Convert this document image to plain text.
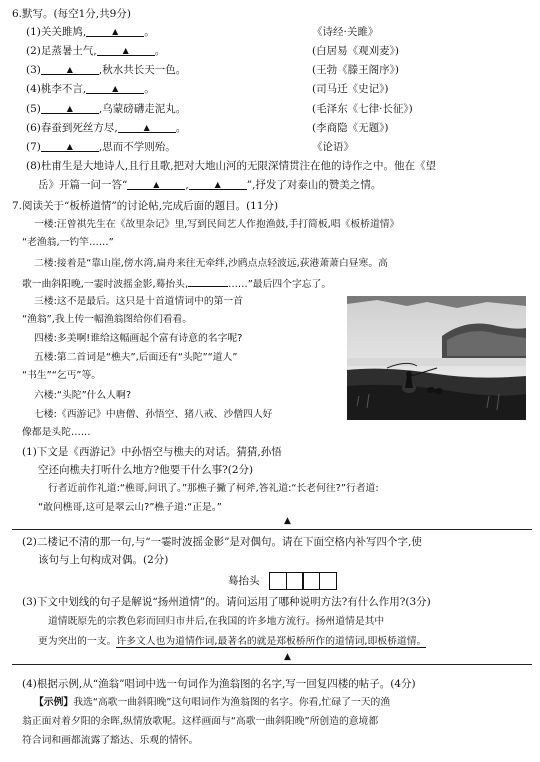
6.默写。(每空1分,共9分)
(1)关关雎鸠,	▲ 。	《诗经·关雎》
(2)足蒸暑土气,	▲ 。	(白居易《观刈麦》)
(3)	▲ ,秋水共长天一色。	(王勃《滕王阁序》)
(4)桃李不言,	▲ 。	(司马迁《史记》)
(5)	▲ ,乌蒙磅礴走泥丸。	(毛泽东《七律·长征》)
(6)春蚕到死丝方尽,	▲ 。	(李商隐《无题》)
(7)	▲ ,思而不学则殆。	《论语》
(8)杜甫生是大地诗人,且行且歌,把对大地山河的无限深情贯注在他的诗作之中。他在《望
岳》开篇一问一答“	▲ ,	▲ ”,抒发了对泰山的赞美之情。
7.阅读关于“板桥道情”的讨论帖,完成后面的题目。(11分)
一楼:汪曾祺先生在《故里杂记》里,写到民间艺人作抱渔鼓,手打简板,唱《板桥道情》
“老渔翁,一钓竿……”
二楼:接着是“靠山崖,傍水湾,扁舟来往无牵绊,沙鸥点点轻波远,荻港萧萧白昼寒。高
歌一曲斜阳晚,一霎时波摇金影,蓦抬头,	……”最后四个字忘了。
三楼:这不是最后。这只是十首道情词中的第一首
“渔翁”,我上传一幅渔翁图给你们看看。
四楼:多美啊!谁给这幅画起个富有诗意的名字呢?
五楼:第二首词是“樵夫”,后面还有“头陀”“道人”
“书生”“乞丐”等。
六楼:“头陀”什么人啊?
七楼:《西游记》中唐僧、孙悟空、猪八戒、沙僧四人好
像都是头陀……
(1)下文是《西游记》中孙悟空与樵夫的对话。猜猜,孙悟
空还向樵夫打听什么地方?他要干什么事?(2分)
行者近前作礼道:“樵哥,问讯了。”那樵子撇了柯斧,答礼道:“长老何往?”行者道:
“敢问樵哥,这可是翠云山?”樵子道:“正是。”
▲
(2)二楼记不清的那一句,与“一霎时波摇金影”是对偶句。请在下面空格内补写四个字,使
该句与上句构成对偶。(2分)
蓦抬头
(3)下文中划线的句子是解说“扬州道情”的。请问运用了哪种说明方法?有什么作用?(3分)
道情既原先的宗教色彩而回归市井后,在我国的许多地方流行。扬州道情是其中
更为突出的一支。许多文人也为道情作词,最著名的就是郑板桥所作的道情词,即板桥道情。
▲
(4)根据示例,从“渔翁”唱词中选一句词作为渔翁图的名字,写一回复四楼的帖子。(4分)
【示例】我选“高歌一曲斜阳晚”这句唱词作为渔翁图的名字。你看,忙碌了一天的渔
翁正面对着夕阳的余晖,纵情放歌呢。这样画面与“高歌一曲斜阳晚”所创造的意境都
符合词和画都流露了豁达、乐观的情怀。
